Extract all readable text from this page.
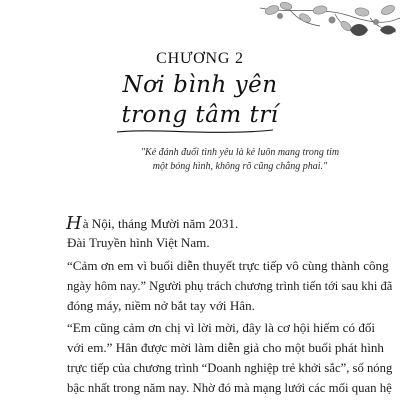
CHƯƠNG 2
Nơi bình yên
trong tâm trí
"Kẻ đánh đuổi tình yêu là kẻ luôn mang trong tim
một bóng hình, không rõ cũng chẳng phai."
Hà Nội, tháng Mười năm 2031.
Đài Truyền hình Việt Nam.
“Cảm ơn em vì buổi diễn thuyết trực tiếp vô cùng thành công
ngày hôm nay.” Người phụ trách chương trình tiến tới sau khi đã
đóng máy, niềm nở bắt tay với Hân.
“Em cũng cảm ơn chị vì lời mời, đây là cơ hội hiếm có đối
với em.” Hân được mời làm diễn giả cho một buổi phát hình
trực tiếp của chương trình “Doanh nghiệp trẻ khởi sắc”, số nóng
bậc nhất trong năm nay. Nhờ đó mà mạng lưới các mối quan hệ
